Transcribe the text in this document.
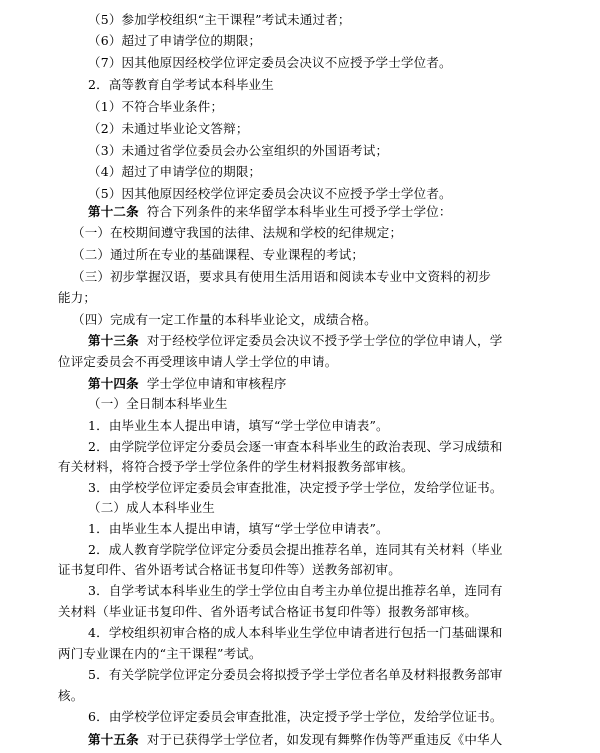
（5）参加学校组织“主干课程”考试未通过者；
（6）超过了申请学位的期限；
（7）因其他原因经校学位评定委员会决议不应授予学士学位者。
2．高等教育自学考试本科毕业生
（1）不符合毕业条件；
（2）未通过毕业论文答辩；
（3）未通过省学位委员会办公室组织的外国语考试；
（4）超过了申请学位的期限；
（5）因其他原因经校学位评定委员会决议不应授予学士学位者。
第十二条 符合下列条件的来华留学本科毕业生可授予学士学位：
（一）在校期间遵守我国的法律、法规和学校的纪律规定；
（二）通过所在专业的基础课程、专业课程的考试；
（三）初步掌握汉语，要求具有使用生活用语和阅读本专业中文资料的初步
能力；
（四）完成有一定工作量的本科毕业论文，成绩合格。
第十三条 对于经校学位评定委员会决议不授予学士学位的学位申请人，学
位评定委员会不再受理该申请人学士学位的申请。
第十四条 学士学位申请和审核程序
（一）全日制本科毕业生
1．由毕业生本人提出申请，填写“学士学位申请表”。
2．由学院学位评定分委员会逐一审查本科毕业生的政治表现、学习成绩和
有关材料，将符合授予学士学位条件的学生材料报教务部审核。
3．由学校学位评定委员会审查批准，决定授予学士学位，发给学位证书。
（二）成人本科毕业生
1．由毕业生本人提出申请，填写“学士学位申请表”。
2．成人教育学院学位评定分委员会提出推荐名单，连同其有关材料（毕业
证书复印件、省外语考试合格证书复印件等）送教务部初审。
3．自学考试本科毕业生的学士学位由自考主办单位提出推荐名单，连同有
关材料（毕业证书复印件、省外语考试合格证书复印件等）报教务部审核。
4．学校组织初审合格的成人本科毕业生学位申请者进行包括一门基础课和
两门专业课在内的“主干课程”考试。
5．有关学院学位评定分委员会将拟授予学士学位者名单及材料报教务部审
核。
6．由学校学位评定委员会审查批准，决定授予学士学位，发给学位证书。
第十五条 对于已获得学士学位者，如发现有舞弊作伪等严重违反《中华人
